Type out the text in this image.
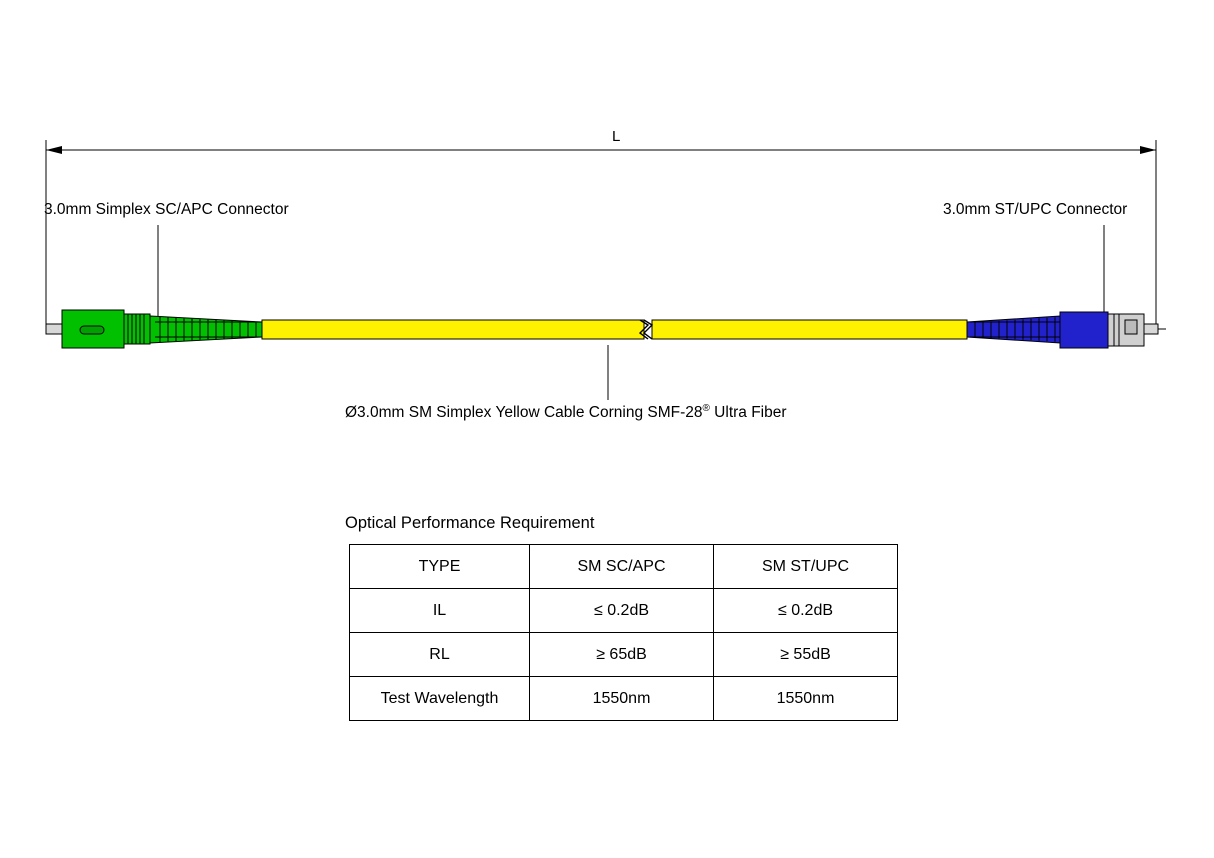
L
3.0mm Simplex SC/APC Connector	3.0mm ST/UPC Connector
Ø3.0mm SM Simplex Yellow Cable Corning SMF-28® Ultra Fiber
Optical Performance Requirement
TYPE	SM SC/APC	SM ST/UPC
IL	≤ 0.2dB	≤ 0.2dB
RL	≥ 65dB	≥ 55dB
Test Wavelength	1550nm	1550nm
